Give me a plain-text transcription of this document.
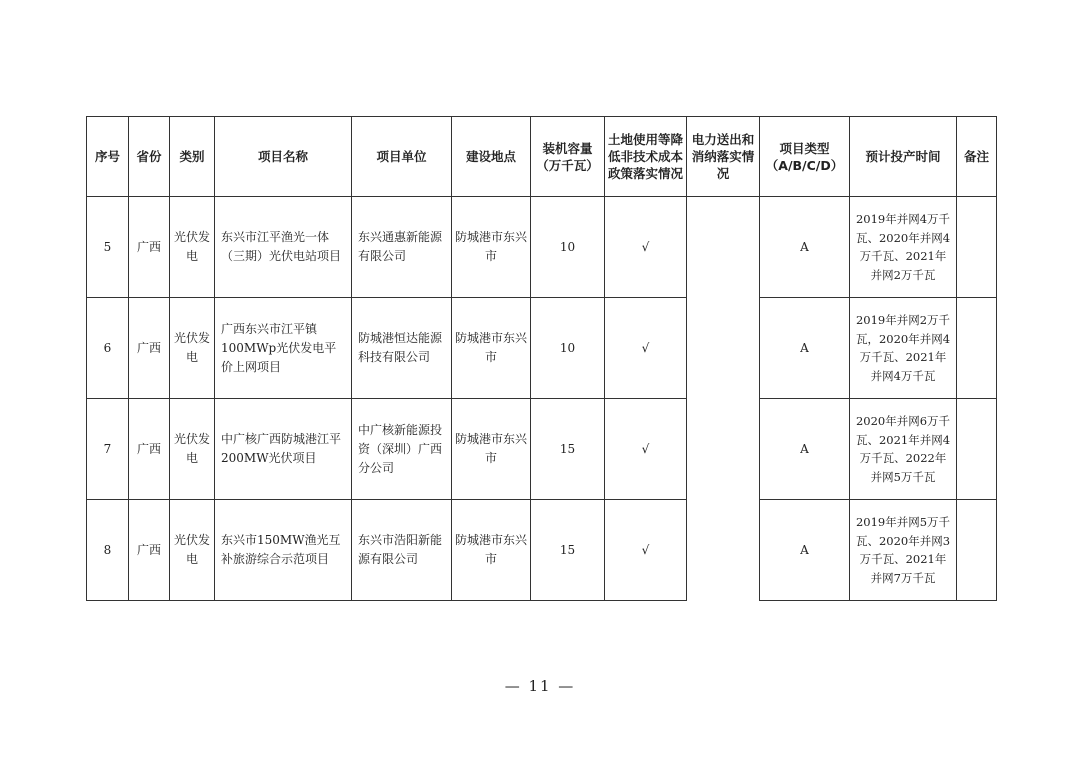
序号	省份	类别	项目名称	项目单位	建设地点	装机容量（万千瓦）	土地使用等降低非技术成本政策落实情况	电力送出和消纳落实情况	项目类型（A/B/C/D）	预计投产时间	备注
5	广西	光伏发电	东兴市江平渔光一体（三期）光伏电站项目	东兴通惠新能源有限公司	防城港市东兴市	10	√		A	2019年并网4万千瓦、2020年并网4万千瓦、2021年并网2万千瓦	
6	广西	光伏发电	广西东兴市江平镇100MWp光伏发电平价上网项目	防城港恒达能源科技有限公司	防城港市东兴市	10	√		A	2019年并网2万千瓦，2020年并网4万千瓦、2021年并网4万千瓦	
7	广西	光伏发电	中广核广西防城港江平200MW光伏项目	中广核新能源投资（深圳）广西分公司	防城港市东兴市	15	√		A	2020年并网6万千瓦、2021年并网4万千瓦、2022年并网5万千瓦	
8	广西	光伏发电	东兴市150MW渔光互补旅游综合示范项目	东兴市浩阳新能源有限公司	防城港市东兴市	15	√		A	2019年并网5万千瓦、2020年并网3万千瓦、2021年并网7万千瓦	
— 11 —
